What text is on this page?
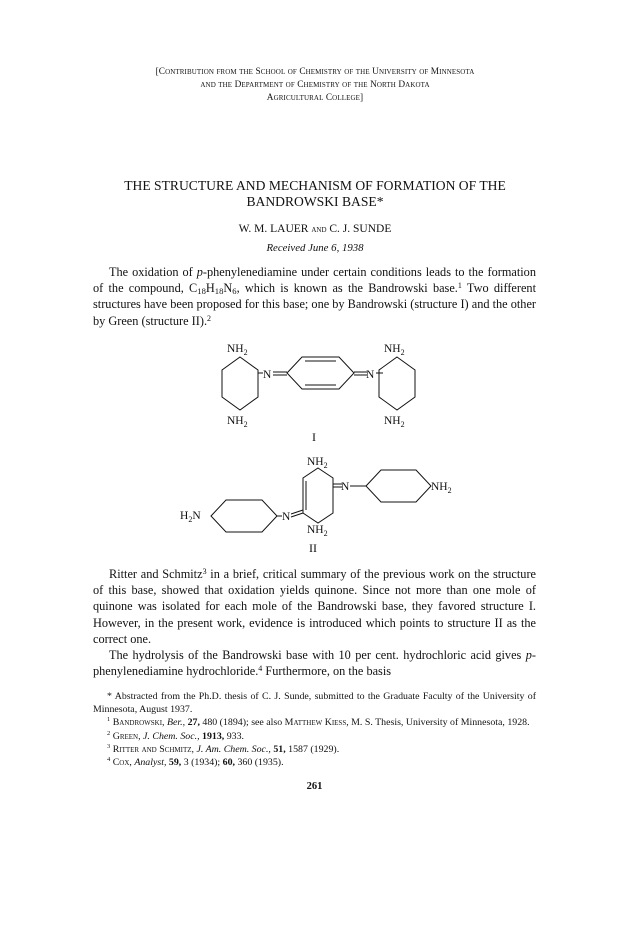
[Contribution from the School of Chemistry of the University of Minnesota
and the Department of Chemistry of the North Dakota
Agricultural College]
THE STRUCTURE AND MECHANISM OF FORMATION OF THE
BANDROWSKI BASE*
W. M. LAUER and C. J. SUNDE
Received June 6, 1938

The oxidation of p-phenylenediamine under certain conditions leads to the formation of the compound, $C_{18}H_{18}N_6$, which is known as the Bandrowski base.$^1$ Two different structures have been proposed for this base; one by Bandrowski (structure I) and the other by Green (structure II).$^2$

$NH_2$
$NH_2$
N	N
$NH_2$
$NH_2$
I
$NH_2$
N	$NH_2$
$H_2N$	N
$NH_2$
II

Ritter and Schmitz$^3$ in a brief, critical summary of the previous work on the structure of this base, showed that oxidation yields quinone. Since not more than one mole of quinone was isolated for each mole of the Bandrowski base, they favored structure I. However, in the present work, evidence is introduced which points to structure II as the correct one.

The hydrolysis of the Bandrowski base with 10 per cent. hydrochloric acid gives p-phenylenediamine hydrochloride.$^4$ Furthermore, on the basis

* Abstracted from the Ph.D. thesis of C. J. Sunde, submitted to the Graduate Faculty of the University of Minnesota, August 1937.

$^1$ Bandrowski, Ber., 27, 480 (1894); see also Matthew Kiess, M. S. Thesis, University of Minnesota, 1928.

$^2$ Green, J. Chem. Soc., 1913, 933.

$^3$ Ritter and Schmitz, J. Am. Chem. Soc., 51, 1587 (1929).

$^4$ Cox, Analyst, 59, 3 (1934); 60, 360 (1935).

261
